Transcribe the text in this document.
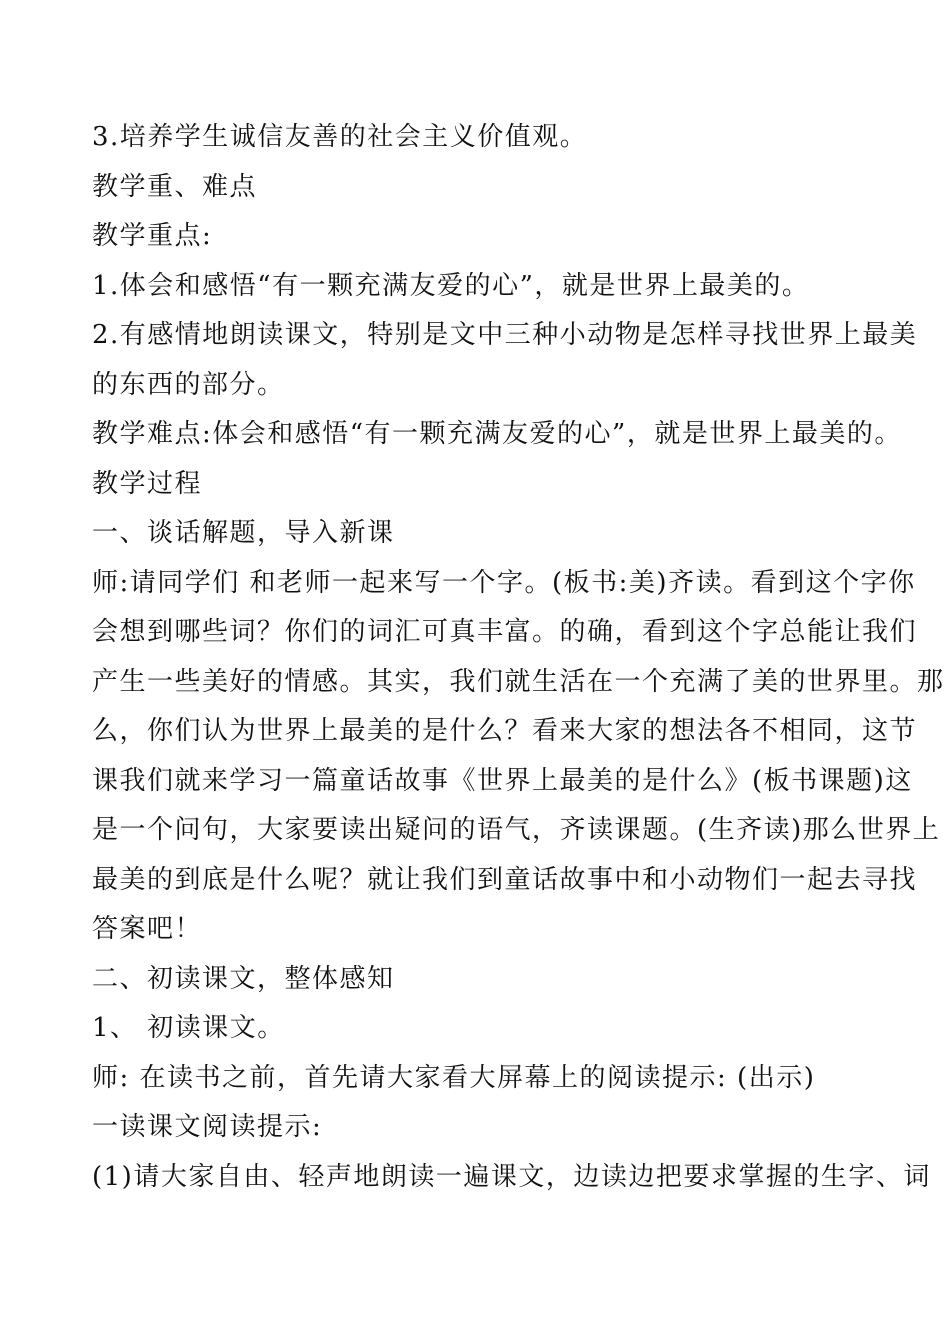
3.培养学生诚信友善的社会主义价值观。
教学重、难点
教学重点:
1.体会和感悟“有一颗充满友爱的心”，就是世界上最美的。
2.有感情地朗读课文，特别是文中三种小动物是怎样寻找世界上最美
的东西的部分。
教学难点:体会和感悟“有一颗充满友爱的心”，就是世界上最美的。
教学过程
一、谈话解题，导入新课
师:请同学们 和老师一起来写一个字。(板书:美)齐读。看到这个字你
会想到哪些词？你们的词汇可真丰富。的确，看到这个字总能让我们
产生一些美好的情感。其实，我们就生活在一个充满了美的世界里。那
么，你们认为世界上最美的是什么？看来大家的想法各不相同，这节
课我们就来学习一篇童话故事《世界上最美的是什么》(板书课题)这
是一个问句，大家要读出疑问的语气，齐读课题。(生齐读)那么世界上
最美的到底是什么呢？就让我们到童话故事中和小动物们一起去寻找
答案吧！
二、初读课文，整体感知
1、 初读课文。
师: 在读书之前，首先请大家看大屏幕上的阅读提示: (出示)
一读课文阅读提示:
(1)请大家自由、轻声地朗读一遍课文，边读边把要求掌握的生字、词
